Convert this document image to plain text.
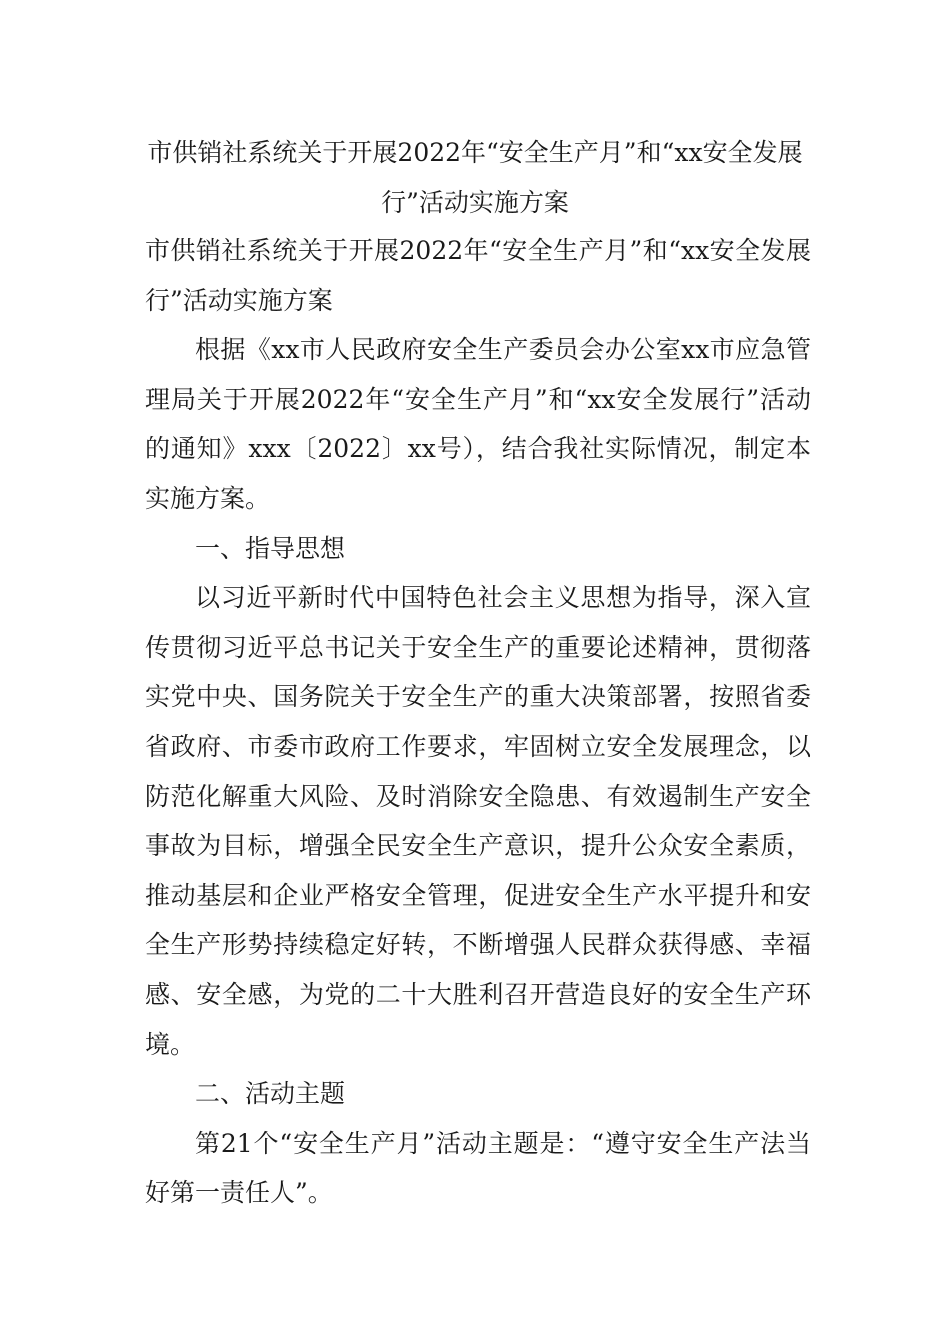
市供销社系统关于开展2022年“安全生产月”和“xx安全发展行”活动实施方案

市供销社系统关于开展2022年“安全生产月”和“xx安全发展行”活动实施方案

根据《xx市人民政府安全生产委员会办公室xx市应急管理局关于开展2022年“安全生产月”和“xx安全发展行”活动的通知》xxx〔2022〕xx号），结合我社实际情况，制定本实施方案。

一、指导思想

以习近平新时代中国特色社会主义思想为指导，深入宣传贯彻习近平总书记关于安全生产的重要论述精神，贯彻落实党中央、国务院关于安全生产的重大决策部署，按照省委省政府、市委市政府工作要求，牢固树立安全发展理念，以防范化解重大风险、及时消除安全隐患、有效遏制生产安全事故为目标，增强全民安全生产意识，提升公众安全素质，推动基层和企业严格安全管理，促进安全生产水平提升和安全生产形势持续稳定好转，不断增强人民群众获得感、幸福感、安全感，为党的二十大胜利召开营造良好的安全生产环境。

二、活动主题

第21个“安全生产月”活动主题是：“遵守安全生产法当好第一责任人”。
